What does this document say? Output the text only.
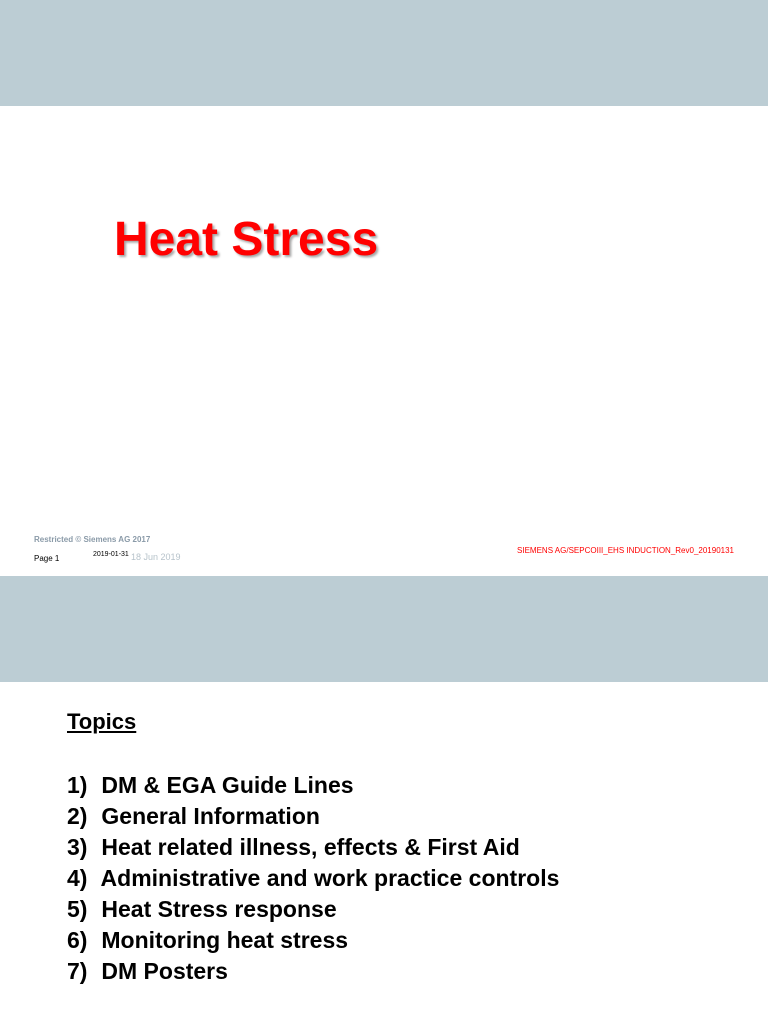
Heat Stress
Restricted © Siemens AG 2017
Page 1	2019-01-31 18 Jun 2019
SIEMENS AG/SEPCOIII_EHS INDUCTION_Rev0_20190131
Topics
1) DM & EGA Guide Lines
2) General Information
3) Heat related illness, effects & First Aid
4) Administrative and work practice controls
5) Heat Stress response
6) Monitoring heat stress
7) DM Posters
